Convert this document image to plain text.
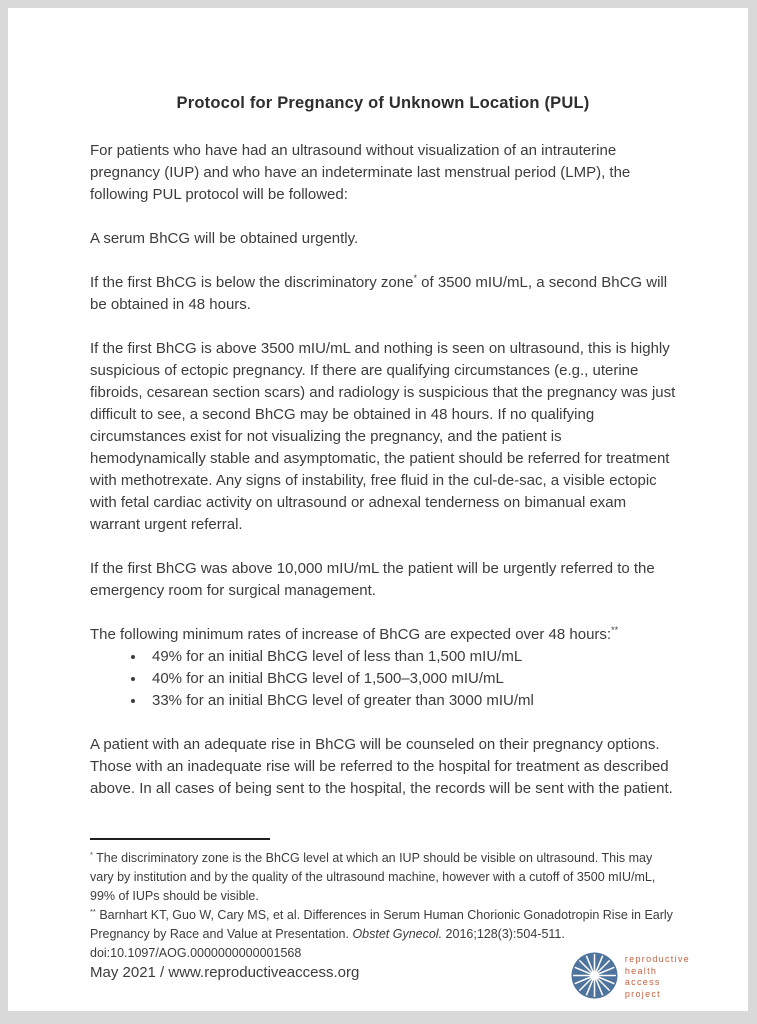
Protocol for Pregnancy of Unknown Location (PUL)

For patients who have had an ultrasound without visualization of an intrauterine pregnancy (IUP) and who have an indeterminate last menstrual period (LMP), the following PUL protocol will be followed:

A serum BhCG will be obtained urgently.

If the first BhCG is below the discriminatory zone* of 3500 mIU/mL, a second BhCG will be obtained in 48 hours.

If the first BhCG is above 3500 mIU/mL and nothing is seen on ultrasound, this is highly suspicious of ectopic pregnancy. If there are qualifying circumstances (e.g., uterine fibroids, cesarean section scars) and radiology is suspicious that the pregnancy was just difficult to see, a second BhCG may be obtained in 48 hours. If no qualifying circumstances exist for not visualizing the pregnancy, and the patient is hemodynamically stable and asymptomatic, the patient should be referred for treatment with methotrexate. Any signs of instability, free fluid in the cul-de-sac, a visible ectopic with fetal cardiac activity on ultrasound or adnexal tenderness on bimanual exam warrant urgent referral.

If the first BhCG was above 10,000 mIU/mL the patient will be urgently referred to the emergency room for surgical management.

The following minimum rates of increase of BhCG are expected over 48 hours:**

• 49% for an initial BhCG level of less than 1,500 mIU/mL
• 40% for an initial BhCG level of 1,500–3,000 mIU/mL
• 33% for an initial BhCG level of greater than 3000 mIU/ml

A patient with an adequate rise in BhCG will be counseled on their pregnancy options. Those with an inadequate rise will be referred to the hospital for treatment as described above. In all cases of being sent to the hospital, the records will be sent with the patient.

* The discriminatory zone is the BhCG level at which an IUP should be visible on ultrasound. This may vary by institution and by the quality of the ultrasound machine, however with a cutoff of 3500 mIU/mL, 99% of IUPs should be visible.

** Barnhart KT, Guo W, Cary MS, et al. Differences in Serum Human Chorionic Gonadotropin Rise in Early Pregnancy by Race and Value at Presentation. Obstet Gynecol. 2016;128(3):504-511. doi:10.1097/AOG.0000000000001568

May 2021 / www.reproductiveaccess.org
reproductive
health
access
project
